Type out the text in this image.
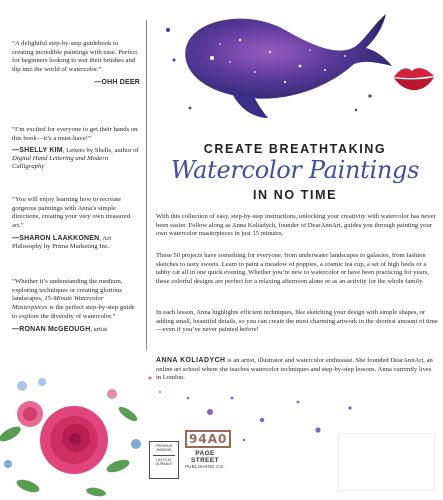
“A delightful step-by-step guidebook to creating incredible paintings with ease. Perfect for beginners looking to wet their brushes and dip into the world of watercolor.”

—OHH DEER

“I’m excited for everyone to get their hands on this book—it’s a must-have!”

—SHELLY KIM, Letters by Shells, author of Digital Hand Lettering and Modern Calligraphy

“You will enjoy learning how to recreate gorgeous paintings with Anna’s simple directions, creating your very own treasured art.”

—SHARON LAAKKONEN, Art Philosophy by Prima Marketing Inc.

“Whether it’s understanding the medium, exploring techniques or creating glorious landscapes, 15-Minute Watercolor Masterpieces is the perfect step-by-step guide to explore the diversity of watercolor.”

—RONAN McGEOUGH, artist

CREATE BREATHTAKING
Watercolor Paintings
IN NO TIME

With this collection of easy, step-by-step instructions, unlocking your creativity with watercolor has never been easier. Follow along as Anna Koliadych, founder of DearAnnArt, guides you through painting your own watercolor masterpieces in just 15 minutes.

These 50 projects have something for everyone, from underwater landscapes to galaxies, from fashion sketches to tasty sweets. Learn to paint a meadow of poppies, a cosmic tea cup, a set of high heels or a tabby cat all in one quick evening. Whether you’re new to watercolor or have been practicing for years, these colorful designs are perfect for a relaxing afternoon alone or as an activity for the whole family.

In each lesson, Anna highlights efficient techniques, like sketching your design with simple shapes, or adding small, beautiful details, so you can create the most charming artwork in the shortest amount of time—even if you’ve never painted before!

ANNA KOLIADYCH is an artist, illustrator and watercolor enthusiast. She founded DearAnnArt, an online art school where she teaches watercolor techniques and step-by-step lessons. Anna currently lives in London.

PREMIUM
BINDING
LAY-FLAT
DURABLE
94A0
PAGE STREET
PUBLISHING CO.
